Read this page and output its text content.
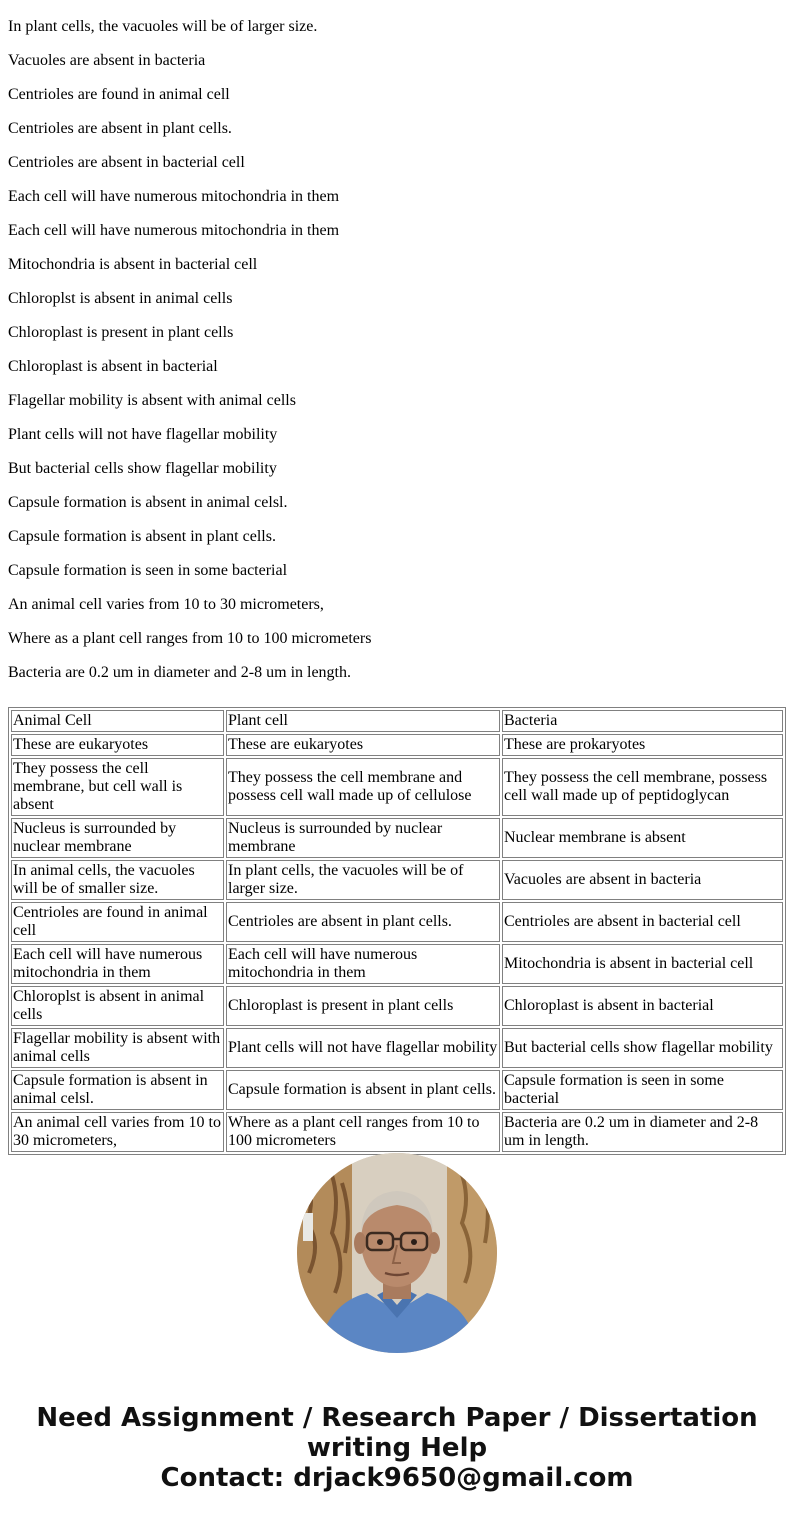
In plant cells, the vacuoles will be of larger size.

Vacuoles are absent in bacteria

Centrioles are found in animal cell

Centrioles are absent in plant cells.

Centrioles are absent in bacterial cell

Each cell will have numerous mitochondria in them

Each cell will have numerous mitochondria in them

Mitochondria is absent in bacterial cell

Chloroplst is absent in animal cells

Chloroplast is present in plant cells

Chloroplast is absent in bacterial

Flagellar mobility is absent with animal cells

Plant cells will not have flagellar mobility

But bacterial cells show flagellar mobility

Capsule formation is absent in animal celsl.

Capsule formation is absent in plant cells.

Capsule formation is seen in some bacterial

An animal cell varies from 10 to 30 micrometers,

Where as a plant cell ranges from 10 to 100 micrometers

Bacteria are 0.2 um in diameter and 2-8 um in length.

Animal Cell	Plant cell	Bacteria
These are eukaryotes	These are eukaryotes	These are prokaryotes
They possess the cell membrane, but cell wall is absent	They possess the cell membrane and possess cell wall made up of cellulose	They possess the cell membrane, possess cell wall made up of peptidoglycan
Nucleus is surrounded by nuclear membrane	Nucleus is surrounded by nuclear membrane	Nuclear membrane is absent
In animal cells, the vacuoles will be of smaller size.	In plant cells, the vacuoles will be of larger size.	Vacuoles are absent in bacteria
Centrioles are found in animal cell	Centrioles are absent in plant cells.	Centrioles are absent in bacterial cell
Each cell will have numerous mitochondria in them	Each cell will have numerous mitochondria in them	Mitochondria is absent in bacterial cell
Chloroplst is absent in animal cells	Chloroplast is present in plant cells	Chloroplast is absent in bacterial
Flagellar mobility is absent with animal cells	Plant cells will not have flagellar mobility	But bacterial cells show flagellar mobility
Capsule formation is absent in animal celsl.	Capsule formation is absent in plant cells.	Capsule formation is seen in some bacterial
An animal cell varies from 10 to 30 micrometers,	Where as a plant cell ranges from 10 to 100 micrometers	Bacteria are 0.2 um in diameter and 2-8 um in length.
Need Assignment / Research Paper / Dissertation writing Help
Contact: drjack9650@gmail.com
